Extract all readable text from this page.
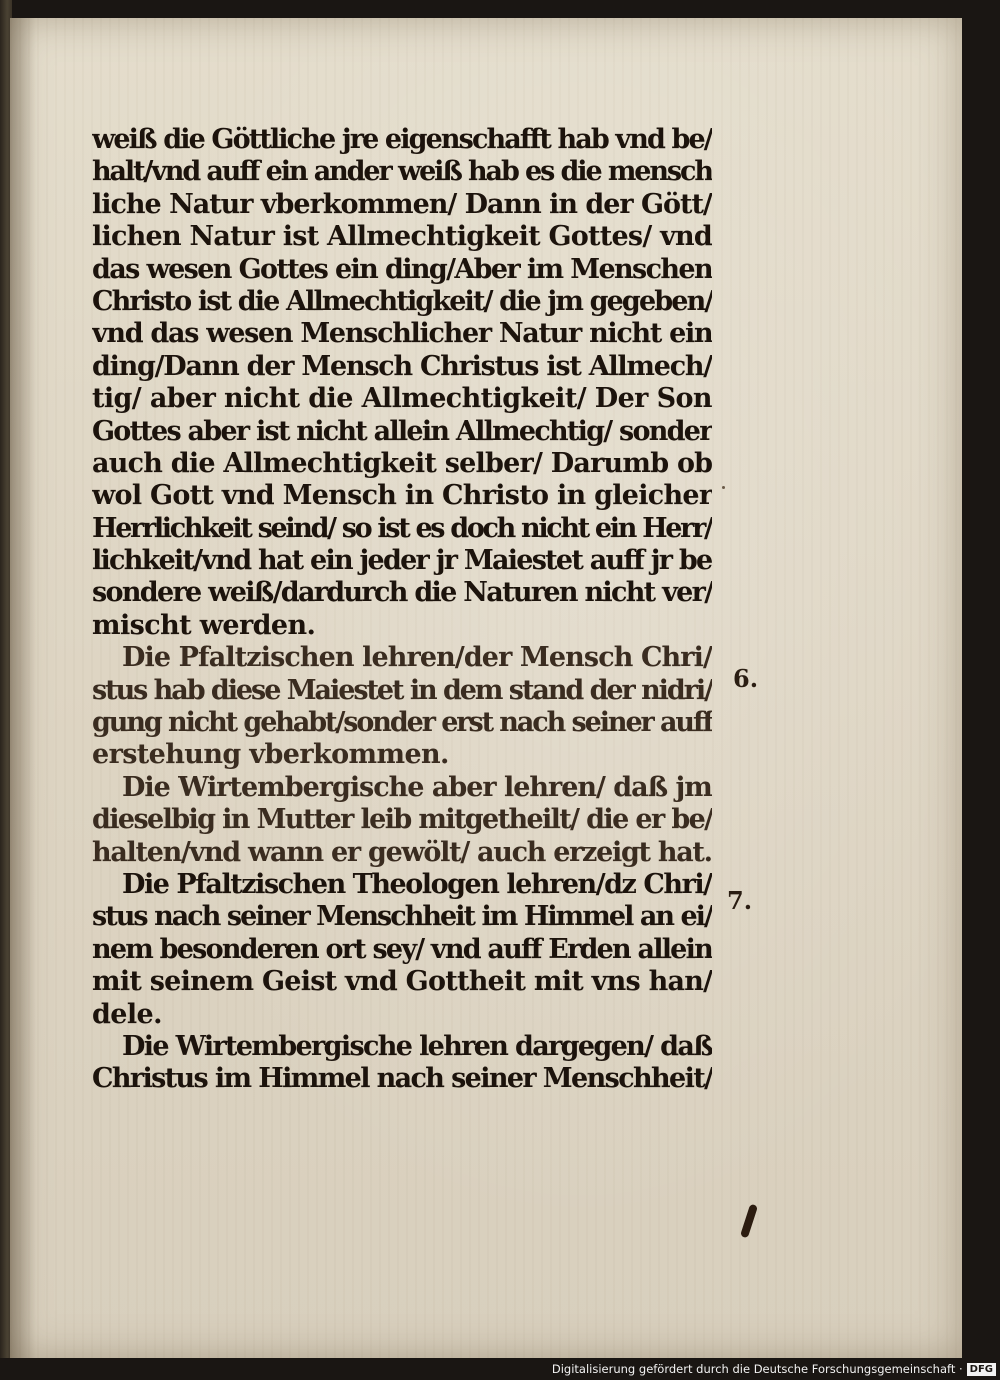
weiß die Göttliche jre eigenschafft hab vnd be/
halt/vnd auff ein ander weiß hab es die mensch
liche Natur vberkommen/ Dann in der Gött/
lichen Natur ist Allmechtigkeit Gottes/ vnd
das wesen Gottes ein ding/Aber im Menschen
Christo ist die Allmechtigkeit/ die jm gegeben/
vnd das wesen Menschlicher Natur nicht ein
ding/Dann der Mensch Christus ist Allmech/
tig/ aber nicht die Allmechtigkeit/ Der Son
Gottes aber ist nicht allein Allmechtig/ sonder
auch die Allmechtigkeit selber/ Darumb ob
wol Gott vnd Mensch in Christo in gleicher
Herrlichkeit seind/ so ist es doch nicht ein Herr/
lichkeit/vnd hat ein jeder jr Maiestet auff jr be
sondere weiß/dardurch die Naturen nicht ver/
mischt werden.
Die Pfaltzischen lehren/der Mensch Chri/
stus hab diese Maiestet in dem stand der nidri/
gung nicht gehabt/sonder erst nach seiner auff
erstehung vberkommen.
Die Wirtembergische aber lehren/ daß jm
dieselbig in Mutter leib mitgetheilt/ die er be/
halten/vnd wann er gewölt/ auch erzeigt hat.
Die Pfaltzischen Theologen lehren/dz Chri/
stus nach seiner Menschheit im Himmel an ei/
nem besonderen ort sey/ vnd auff Erden allein
mit seinem Geist vnd Gottheit mit vns han/
dele.
Die Wirtembergische lehren dargegen/ daß
Christus im Himmel nach seiner Menschheit/
6.
7.
Digitalisierung gefördert durch die Deutsche Forschungsgemeinschaft · DFG
